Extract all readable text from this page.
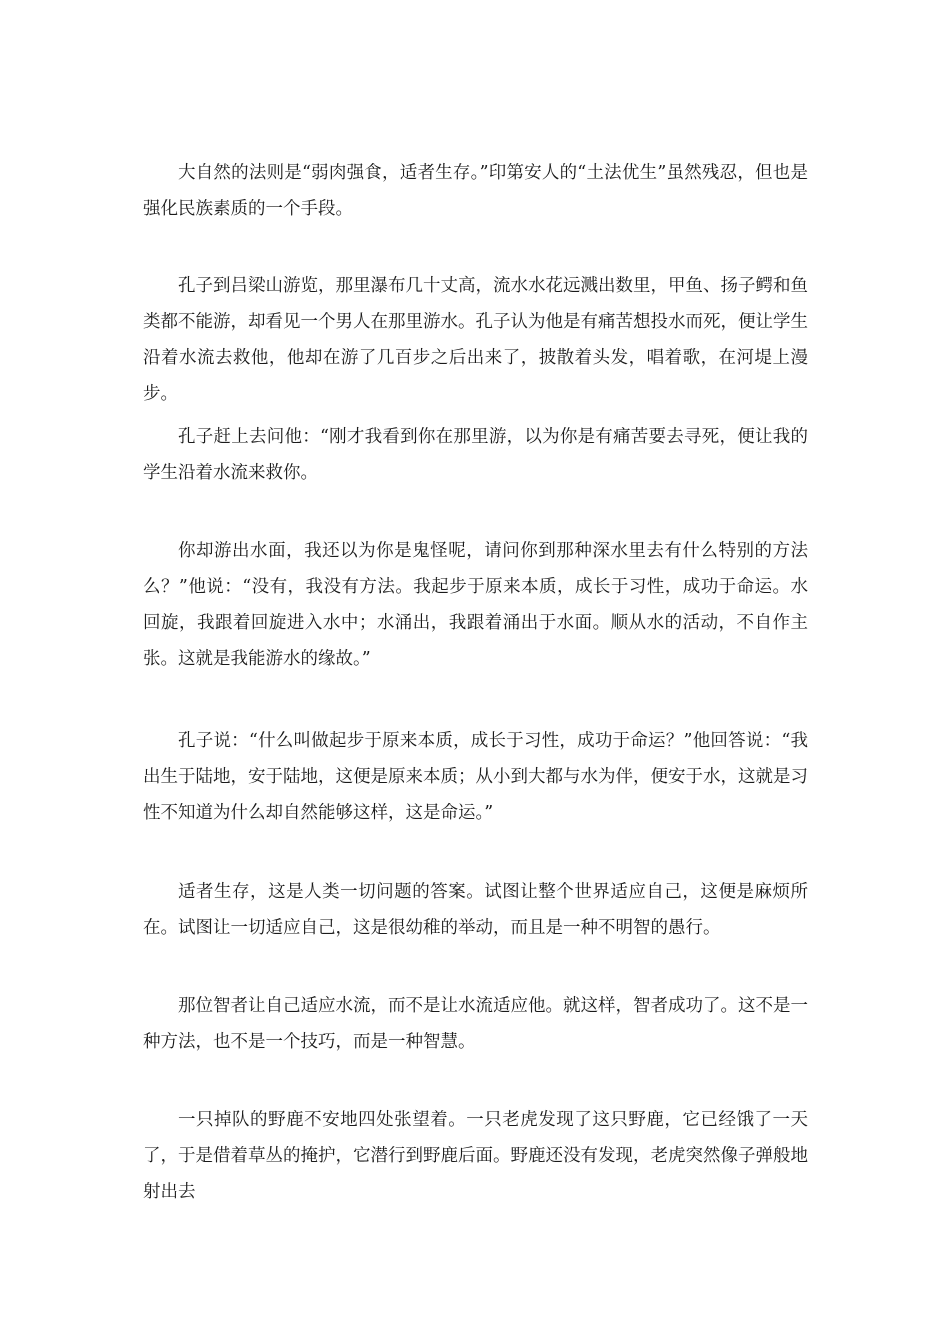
大自然的法则是“弱肉强食，适者生存。”印第安人的“土法优生”虽然残忍，但也是强化民族素质的一个手段。

孔子到吕梁山游览，那里瀑布几十丈高，流水水花远溅出数里，甲鱼、扬子鳄和鱼类都不能游，却看见一个男人在那里游水。孔子认为他是有痛苦想投水而死，便让学生沿着水流去救他，他却在游了几百步之后出来了，披散着头发，唱着歌，在河堤上漫步。

孔子赶上去问他：“刚才我看到你在那里游，以为你是有痛苦要去寻死，便让我的学生沿着水流来救你。

你却游出水面，我还以为你是鬼怪呢，请问你到那种深水里去有什么特别的方法么？”他说：“没有，我没有方法。我起步于原来本质，成长于习性，成功于命运。水回旋，我跟着回旋进入水中；水涌出，我跟着涌出于水面。顺从水的活动，不自作主张。这就是我能游水的缘故。”

孔子说：“什么叫做起步于原来本质，成长于习性，成功于命运？”他回答说：“我出生于陆地，安于陆地，这便是原来本质；从小到大都与水为伴，便安于水，这就是习性不知道为什么却自然能够这样，这是命运。”

适者生存，这是人类一切问题的答案。试图让整个世界适应自己，这便是麻烦所在。试图让一切适应自己，这是很幼稚的举动，而且是一种不明智的愚行。

那位智者让自己适应水流，而不是让水流适应他。就这样，智者成功了。这不是一种方法，也不是一个技巧，而是一种智慧。

一只掉队的野鹿不安地四处张望着。一只老虎发现了这只野鹿，它已经饿了一天了，于是借着草丛的掩护，它潜行到野鹿后面。野鹿还没有发现，老虎突然像子弹般地射出去
